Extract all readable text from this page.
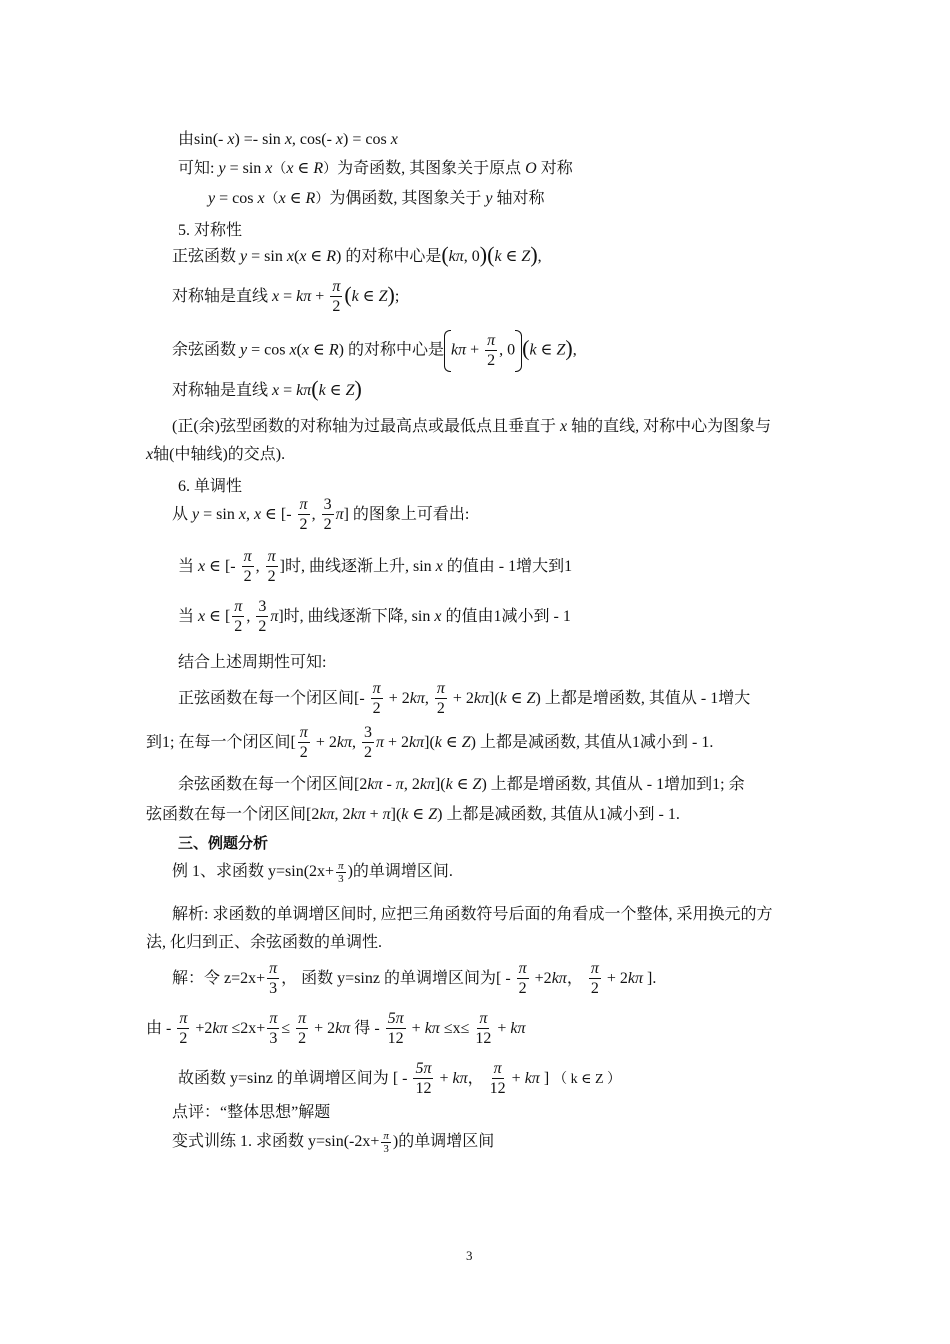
由sin(- x) =- sin x, cos(- x) = cos x
可知: y = sin x（x ∈ R）为奇函数, 其图象关于原点 O 对称
y = cos x（x ∈ R）为偶函数, 其图象关于 y 轴对称
5. 对称性
正弦函数 y = sin x(x ∈ R) 的对称中心是(kπ, 0)(k ∈ Z),
对称轴是直线 $x = k\pi + \frac{\pi}{2} (k$ ∈ Z);
余弦函数 y = cos x(x ∈ R) 的对称中心是 $k\pi + \frac{\pi}{2}$ , 0 (k ∈ Z),
对称轴是直线 x = kπ(k ∈ Z)
(正(余)弦型函数的对称轴为过最高点或最低点且垂直于 x 轴的直线, 对称中心为图象与
x轴(中轴线)的交点).
6. 单调性
从 y = sin x, x ∈ [- $\frac{\pi}{2}$ , $\frac{3}{2} \pi$] 的图象上可看出:
当 x ∈ [- $\frac{\pi}{2}$ , $\frac{\pi}{2}$ ]时, 曲线逐渐上升, sin x 的值由 - 1增大到1
当 x ∈ [ $\frac{\pi}{2}$ , $\frac{3}{2} \pi$]时, 曲线逐渐下降, sin x 的值由1减小到 - 1
结合上述周期性可知:
正弦函数在每一个闭区间[- $\frac{\pi}{2} + 2k\pi$, $\frac{\pi}{2} + 2k\pi](k$ ∈ Z) 上都是增函数, 其值从 - 1增大
到1; 在每一个闭区间[ $\frac{\pi}{2} + 2k\pi$, $\frac{3}{2}$ π + 2kπ](k ∈ Z) 上都是减函数, 其值从1减小到 - 1.
余弦函数在每一个闭区间[2kπ - π, 2kπ](k ∈ Z) 上都是增函数, 其值从 - 1增加到1; 余
弦函数在每一个闭区间[2kπ, 2kπ + π](k ∈ Z) 上都是减函数, 其值从1减小到 - 1.
三、例题分析
例 1、求函数 $y=\sin(2x+ \frac{\pi}{3}$ )的单调增区间.
解析: 求函数的单调增区间时, 应把三角函数符号后面的角看成一个整体, 采用换元的方
法, 化归到正、余弦函数的单调性.
解：令 $z=2x+ \frac{\pi}{3}$ ， 函数 y=sinz 的单调增区间为[ - $\frac{\pi}{2} +2k\pi$， $\frac{\pi}{2} + 2k\pi$ ].
由 - $\frac{\pi}{2} +2k\pi \le 2x+ \frac{\pi}{3} \le \frac{\pi}{2} + 2k\pi$ 得 - $\frac{5\pi}{12} + k\pi \le x\le \frac{\pi}{12} + k\pi$
故函数 y=sinz 的单调增区间为 [ - $\frac{5\pi}{12} + k\pi$， $\frac{\pi}{12} + k\pi$ ] （ k ∈ Z ）
点评：“整体思想”解题
变式训练 1. 求函数 $y=\sin(-2x+ \frac{\pi}{3}$ )的单调增区间
3
